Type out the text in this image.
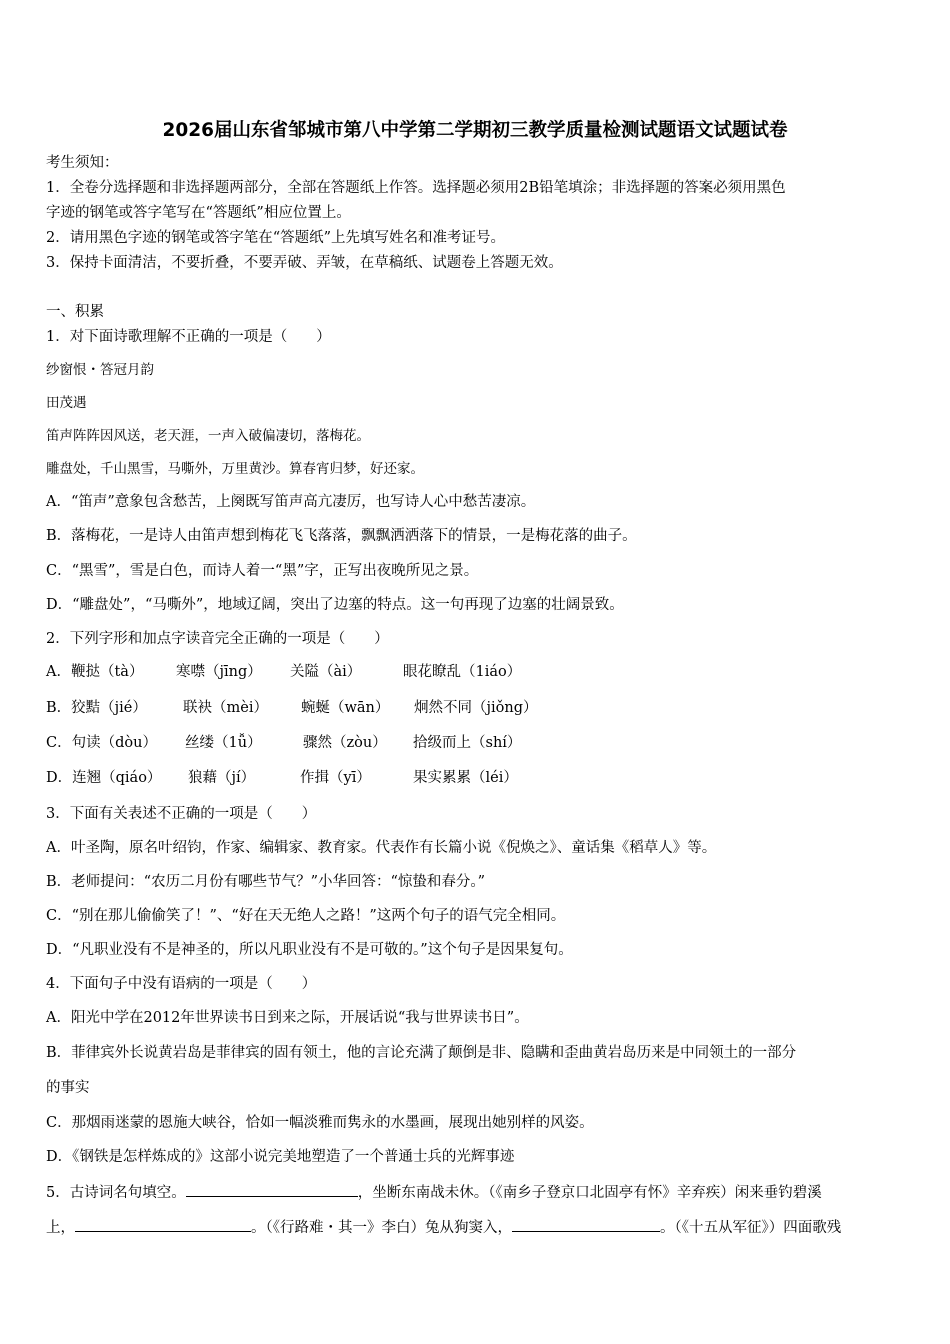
2026届山东省邹城市第八中学第二学期初三教学质量检测试题语文试题试卷
考生须知：
1．全卷分选择题和非选择题两部分，全部在答题纸上作答。选择题必须用2B铅笔填涂；非选择题的答案必须用黑色
字迹的钢笔或答字笔写在“答题纸”相应位置上。
2．请用黑色字迹的钢笔或答字笔在“答题纸”上先填写姓名和准考证号。
3．保持卡面清洁，不要折叠，不要弄破、弄皱，在草稿纸、试题卷上答题无效。
一、积累
1．对下面诗歌理解不正确的一项是（　　）
纱窗恨・答冠月韵
田茂遇
笛声阵阵因风送，老天涯，一声入破偏凄切，落梅花。
雕盘处，千山黑雪，马嘶外，万里黄沙。算春宵归梦，好还家。
A．“笛声”意象包含愁苦，上阕既写笛声高亢凄厉，也写诗人心中愁苦凄凉。
B．落梅花，一是诗人由笛声想到梅花飞飞落落，飘飘洒洒落下的情景，一是梅花落的曲子。
C．“黑雪”，雪是白色，而诗人着一“黑”字，正写出夜晚所见之景。
D．“雕盘处”，“马嘶外”，地域辽阔，突出了边塞的特点。这一句再现了边塞的壮阔景致。
2．下列字形和加点字读音完全正确的一项是（　　）
A．鞭挞（tà） 寒噤（jīng） 关隘（ài）	眼花瞭乱（1iáo）
B．狡黠（jié） 联袂（mèi） 蜿蜒（wān） 炯然不同（jiǒng）
C．句读（dòu） 丝缕（1ǚ）	骤然（zòu） 拾级而上（shí）
D．连翘（qiáo） 狼藉（jí）	作揖（yī）	果实累累（léi）
3．下面有关表述不正确的一项是（　　）
A．叶圣陶，原名叶绍钧，作家、编辑家、教育家。代表作有长篇小说《倪焕之》、童话集《稻草人》等。
B．老师提问：“农历二月份有哪些节气？”小华回答：“惊蛰和春分。”
C．“别在那儿偷偷笑了！”、“好在天无绝人之路！”这两个句子的语气完全相同。
D．“凡职业没有不是神圣的，所以凡职业没有不是可敬的。”这个句子是因果复句。
4．下面句子中没有语病的一项是（　　）
A．阳光中学在2012年世界读书日到来之际，开展话说“我与世界读书日”。
B．菲律宾外长说黄岩岛是菲律宾的固有领土，他的言论充满了颠倒是非、隐瞒和歪曲黄岩岛历来是中同领土的一部分
的事实
C．那烟雨迷蒙的恩施大峡谷，恰如一幅淡雅而隽永的水墨画，展现出她别样的风姿。
D．《钢铁是怎样炼成的》这部小说完美地塑造了一个普通士兵的光辉事迹
5．古诗词名句填空。	，坐断东南战未休。（《南乡子登京口北固亭有怀》辛弃疾）闲来垂钓碧溪
上，	。（《行路难・其一》李白）兔从狗窦入，	。（《十五从军征》）四面歌残
